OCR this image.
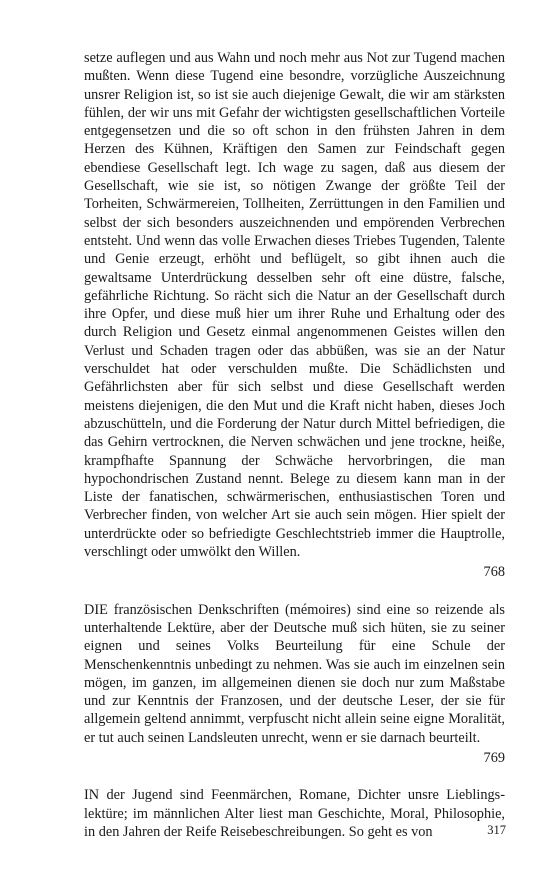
setze auflegen und aus Wahn und noch mehr aus Not zur Tugend machen mußten. Wenn diese Tugend eine besondre, vorzügliche Auszeichnung unsrer Religion ist, so ist sie auch diejenige Gewalt, die wir am stärksten fühlen, der wir uns mit Gefahr der wichtigsten gesellschaftlichen Vorteile entgegensetzen und die so oft schon in den frühsten Jahren in dem Herzen des Kühnen, Kräftigen den Samen zur Feindschaft gegen ebendiese Gesellschaft legt. Ich wage zu sagen, daß aus diesem der Gesellschaft, wie sie ist, so nötigen Zwange der größte Teil der Torheiten, Schwärmereien, Tollheiten, Zerrüttungen in den Familien und selbst der sich besonders auszeichnenden und empörenden Verbrechen entsteht. Und wenn das volle Erwachen dieses Triebes Tugenden, Talente und Genie erzeugt, erhöht und beflügelt, so gibt ihnen auch die gewaltsame Unterdrückung desselben sehr oft eine düstre, falsche, gefährliche Richtung. So rächt sich die Natur an der Gesellschaft durch ihre Opfer, und diese muß hier um ihrer Ruhe und Erhaltung oder des durch Religion und Gesetz einmal angenommenen Geistes willen den Verlust und Schaden tragen oder das abbüßen, was sie an der Natur verschuldet hat oder verschulden mußte. Die Schädlichsten und Gefährlichsten aber für sich selbst und diese Gesellschaft werden meistens diejenigen, die den Mut und die Kraft nicht haben, dieses Joch abzuschütteln, und die Forderung der Natur durch Mittel befriedigen, die das Gehirn vertrocknen, die Nerven schwächen und jene trockne, heiße, krampfhafte Spannung der Schwäche hervorbringen, die man hypochondrischen Zustand nennt. Belege zu diesem kann man in der Liste der fanatischen, schwärmerischen, enthusiastischen Toren und Verbrecher finden, von welcher Art sie auch sein mögen. Hier spielt der unterdrückte oder so befriedigte Geschlechtstrieb immer die Hauptrolle, verschlingt oder umwölkt den Willen.

768

DIE französischen Denkschriften (mémoires) sind eine so reizende als unterhaltende Lektüre, aber der Deutsche muß sich hüten, sie zu seiner eignen und seines Volks Beurteilung für eine Schule der Menschenkenntnis unbedingt zu nehmen. Was sie auch im einzelnen sein mögen, im ganzen, im allgemeinen dienen sie doch nur zum Maßstabe und zur Kenntnis der Franzosen, und der deutsche Leser, der sie für allgemein geltend annimmt, verpfuscht nicht allein seine eigne Moralität, er tut auch seinen Landsleuten unrecht, wenn er sie darnach beurteilt.

769

IN der Jugend sind Feenmärchen, Romane, Dichter unsre Lieblingslektüre; im männlichen Alter liest man Geschichte, Moral, Philosophie, in den Jahren der Reife Reisebeschreibungen. So geht es von	317
